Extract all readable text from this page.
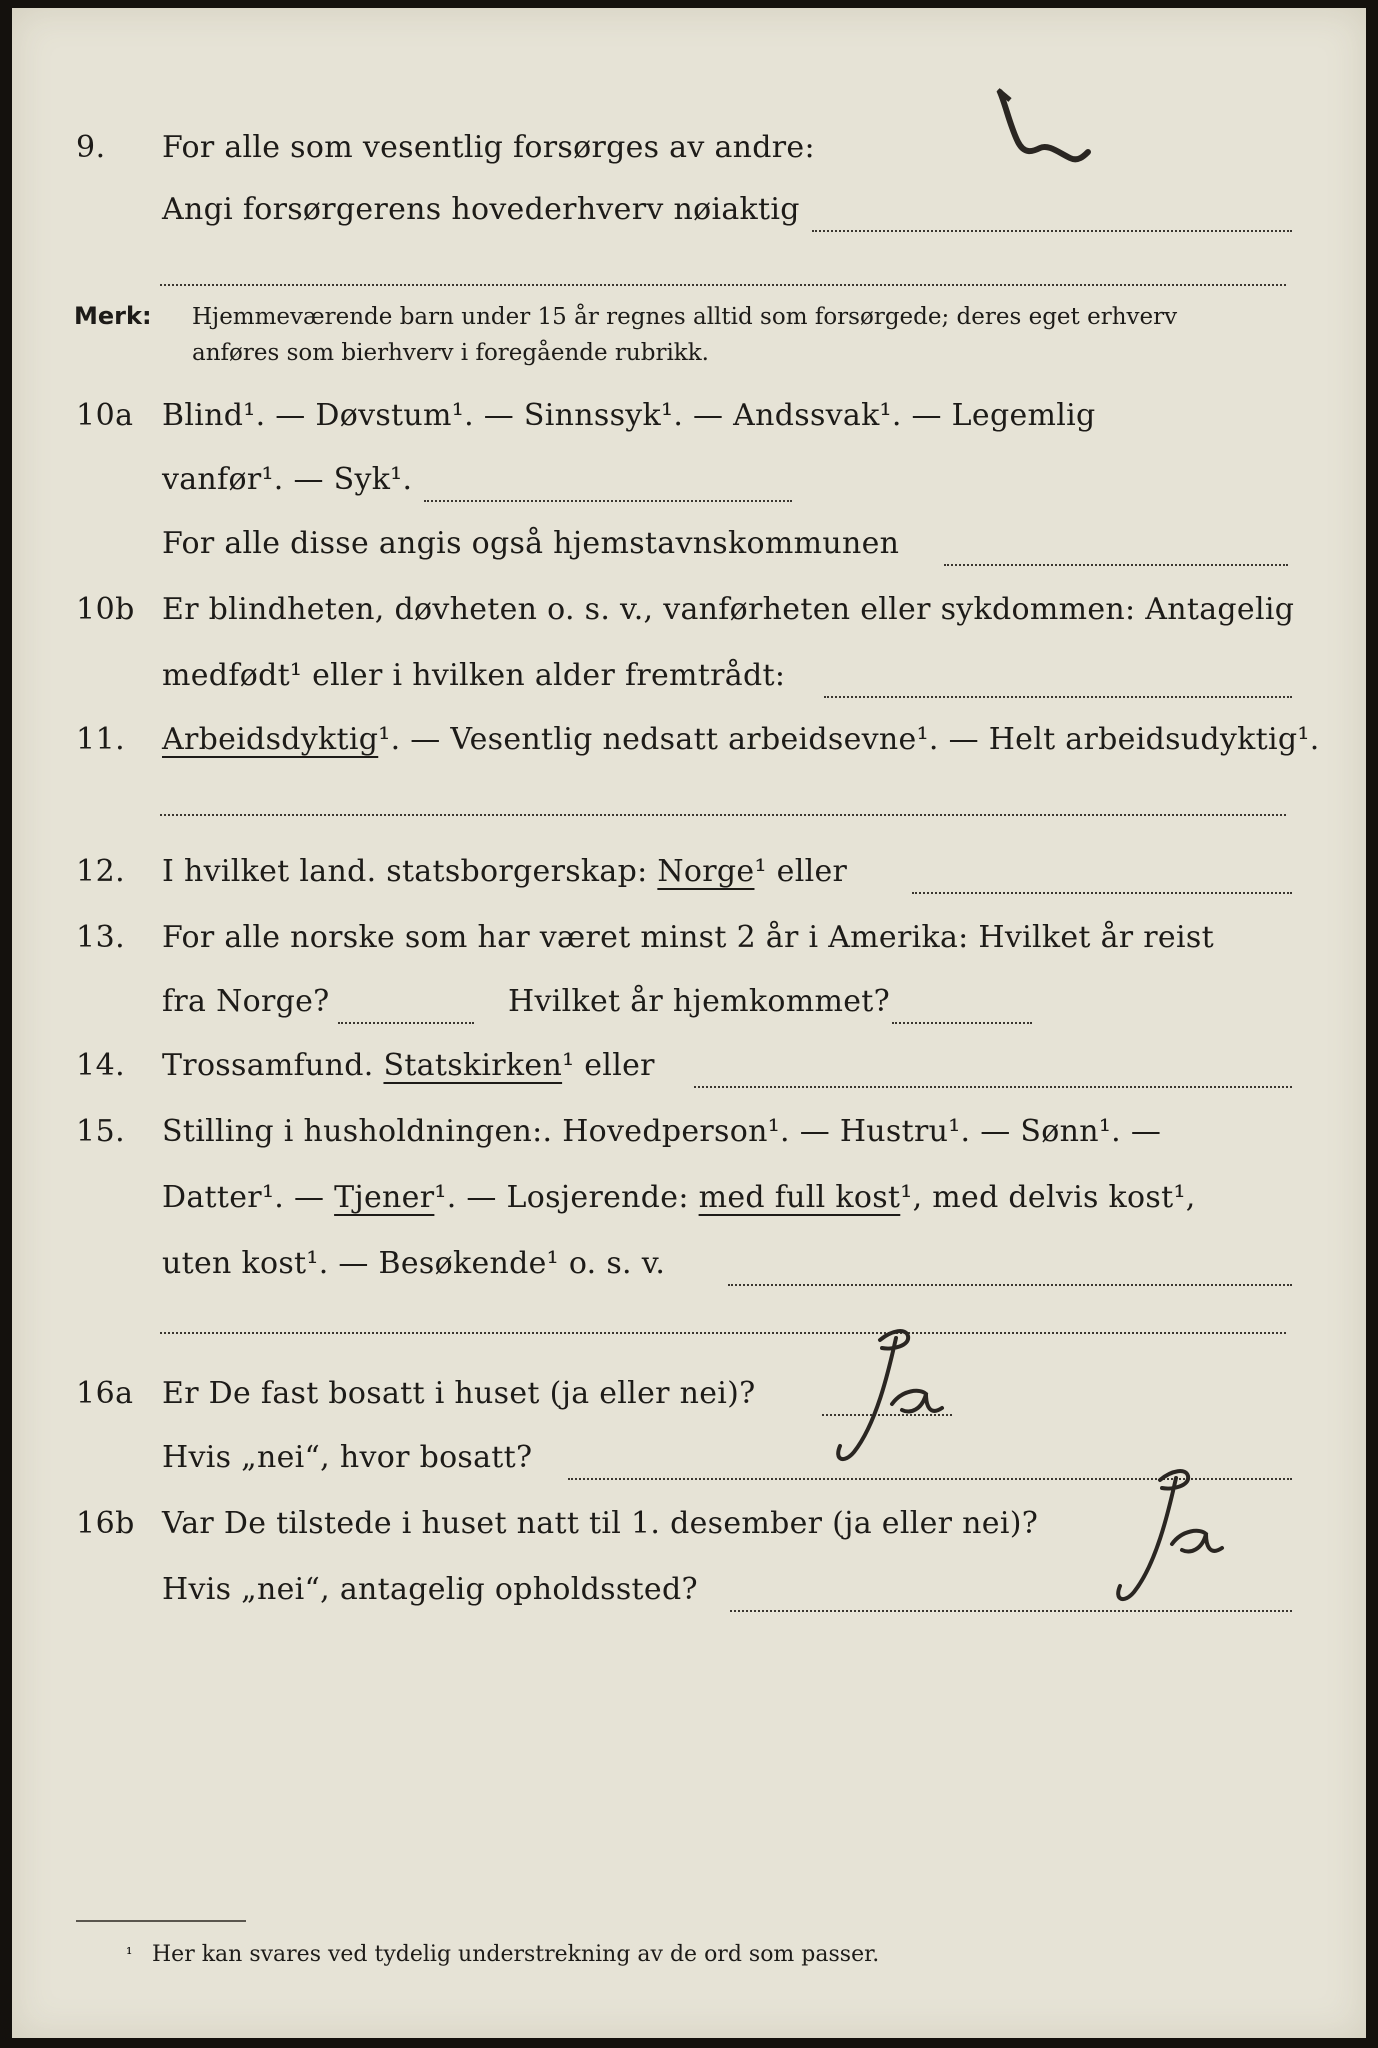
9. For alle som vesentlig forsørges av andre:
Angi forsørgerens hovederhverv nøiaktig
Merk: Hjemmeværende barn under 15 år regnes alltid som forsørgede; deres eget erhverv
anføres som bierhverv i foregående rubrikk.
10a Blind¹. — Døvstum¹. — Sinnssyk¹. — Andssvak¹. — Legemlig
vanfør¹. — Syk¹.
For alle disse angis også hjemstavnskommunen
10b Er blindheten, døvheten o. s. v., vanførheten eller sykdommen: Antagelig
medfødt¹ eller i hvilken alder fremtrådt:
11. Arbeidsdyktig¹. — Vesentlig nedsatt arbeidsevne¹. — Helt arbeidsudyktig¹.
12. I hvilket land. statsborgerskap: Norge¹ eller
13. For alle norske som har været minst 2 år i Amerika: Hvilket år reist
fra Norge?	Hvilket år hjemkommet?
14. Trossamfund. Statskirken¹ eller
15. Stilling i husholdningen:. Hovedperson¹. — Hustru¹. — Sønn¹. —
Datter¹. — Tjener¹. — Losjerende: med full kost¹, med delvis kost¹,
uten kost¹. — Besøkende¹ o. s. v.
16a Er De fast bosatt i huset (ja eller nei)?
Hvis „nei“, hvor bosatt?
16b Var De tilstede i huset natt til 1. desember (ja eller nei)?
Hvis „nei“, antagelig opholdssted?
¹ Her kan svares ved tydelig understrekning av de ord som passer.
